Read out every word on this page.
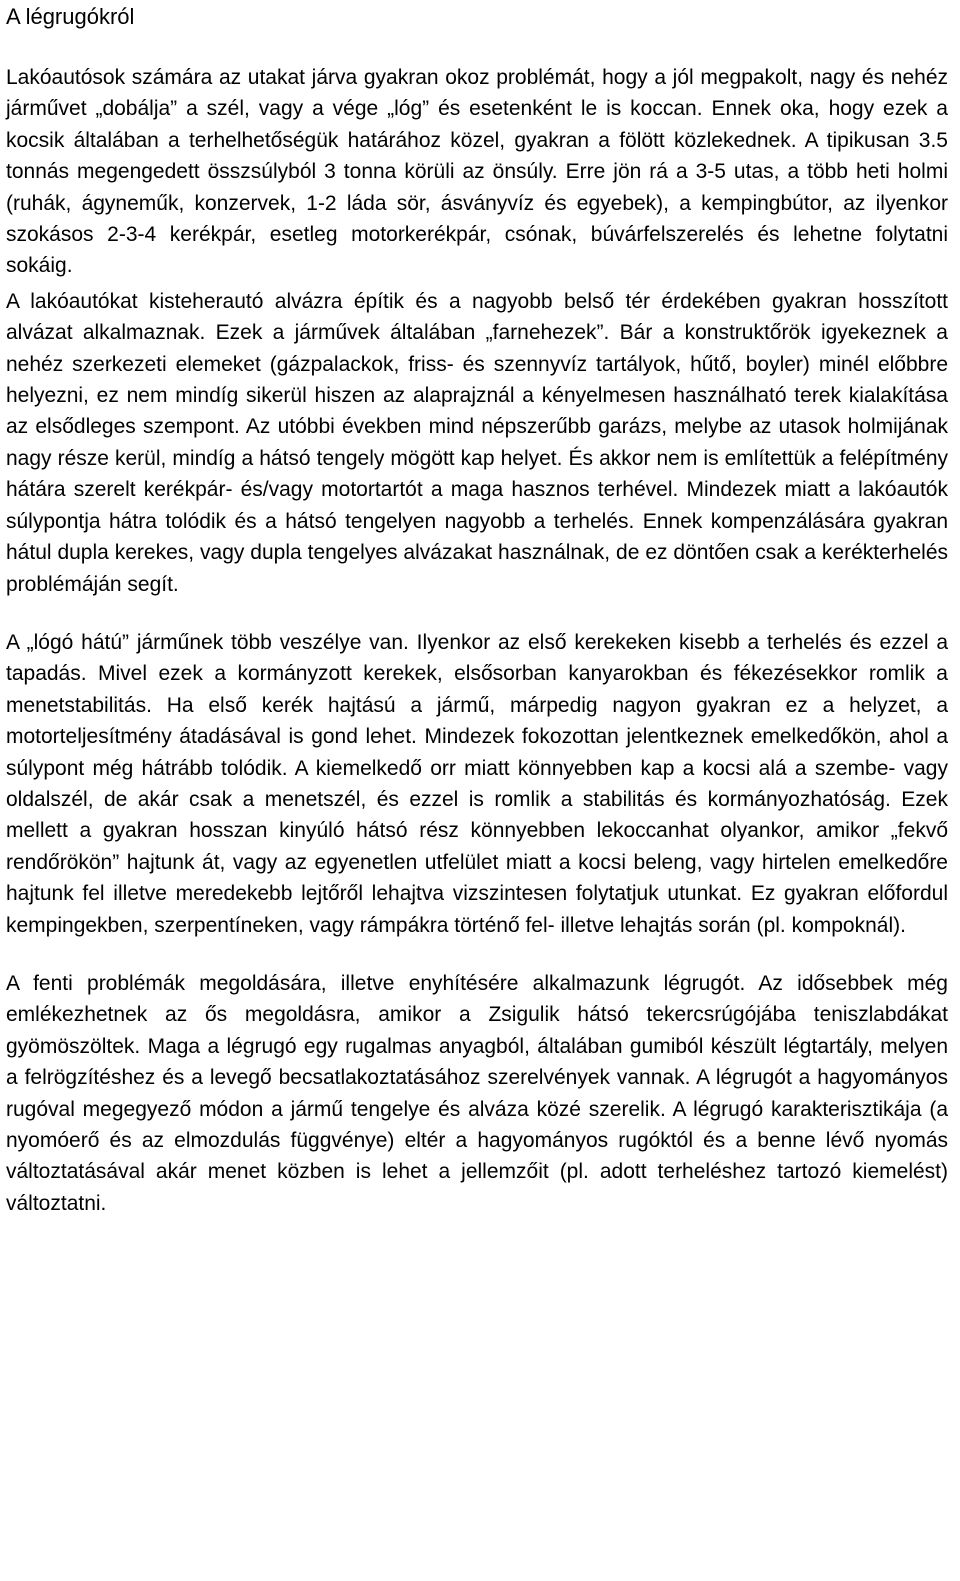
A légrugókról

Lakóautósok számára az utakat járva gyakran okoz problémát, hogy a jól megpakolt, nagy és nehéz járművet „dobálja” a szél, vagy a vége „lóg” és esetenként le is koccan. Ennek oka, hogy ezek a kocsik általában a terhelhetőségük határához közel, gyakran a fölött közlekednek. A tipikusan 3.5 tonnás megengedett összsúlyból 3 tonna körüli az önsúly. Erre jön rá a 3-5 utas, a több heti holmi (ruhák, ágyneműk, konzervek, 1-2 láda sör, ásványvíz és egyebek), a kempingbútor, az ilyenkor szokásos 2-3-4 kerékpár, esetleg motorkerékpár, csónak, búvárfelszerelés és lehetne folytatni sokáig.

A lakóautókat kisteherautó alvázra építik és a nagyobb belső tér érdekében gyakran hosszított alvázat alkalmaznak. Ezek a járművek általában „farnehezek”. Bár a konstruktőrök igyekeznek a nehéz szerkezeti elemeket (gázpalackok, friss- és szennyvíz tartályok, hűtő, boyler) minél előbbre helyezni, ez nem mindíg sikerül hiszen az alaprajznál a kényelmesen használható terek kialakítása az elsődleges szempont. Az utóbbi években mind népszerűbb garázs, melybe az utasok holmijának nagy része kerül, mindíg a hátsó tengely mögött kap helyet. És akkor nem is említettük a felépítmény hátára szerelt kerékpár- és/vagy motortartót a maga hasznos terhével. Mindezek miatt a lakóautók súlypontja hátra tolódik és a hátsó tengelyen nagyobb a terhelés. Ennek kompenzálására gyakran hátul dupla kerekes, vagy dupla tengelyes alvázakat használnak, de ez döntően csak a kerékterhelés problémáján segít.

A „lógó hátú” járműnek több veszélye van. Ilyenkor az első kerekeken kisebb a terhelés és ezzel a tapadás. Mivel ezek a kormányzott kerekek, elsősorban kanyarokban és fékezésekkor romlik a menetstabilitás. Ha első kerék hajtású a jármű, márpedig nagyon gyakran ez a helyzet, a motorteljesítmény átadásával is gond lehet. Mindezek fokozottan jelentkeznek emelkedőkön, ahol a súlypont még hátrább tolódik. A kiemelkedő orr miatt könnyebben kap a kocsi alá a szembe- vagy oldalszél, de akár csak a menetszél, és ezzel is romlik a stabilitás és kormányozhatóság. Ezek mellett a gyakran hosszan kinyúló hátsó rész könnyebben lekoccanhat olyankor, amikor „fekvő rendőrökön” hajtunk át, vagy az egyenetlen utfelület miatt a kocsi beleng, vagy hirtelen emelkedőre hajtunk fel illetve meredekebb lejtőről lehajtva vizszintesen folytatjuk utunkat. Ez gyakran előfordul kempingekben, szerpentíneken, vagy rámpákra történő fel- illetve lehajtás során (pl. kompoknál).

A fenti problémák megoldására, illetve enyhítésére alkalmazunk légrugót. Az idősebbek még emlékezhetnek az ős megoldásra, amikor a Zsigulik hátsó tekercsrúgójába teniszlabdákat gyömöszöltek. Maga a légrugó egy rugalmas anyagból, általában gumiból készült légtartály, melyen a felrögzítéshez és a levegő becsatlakoztatásához szerelvények vannak. A légrugót a hagyományos rugóval megegyező módon a jármű tengelye és alváza közé szerelik. A légrugó karakterisztikája (a nyomóerő és az elmozdulás függvénye) eltér a hagyományos rugóktól és a benne lévő nyomás változtatásával akár menet közben is lehet a jellemzőit (pl. adott terheléshez tartozó kiemelést) változtatni.
